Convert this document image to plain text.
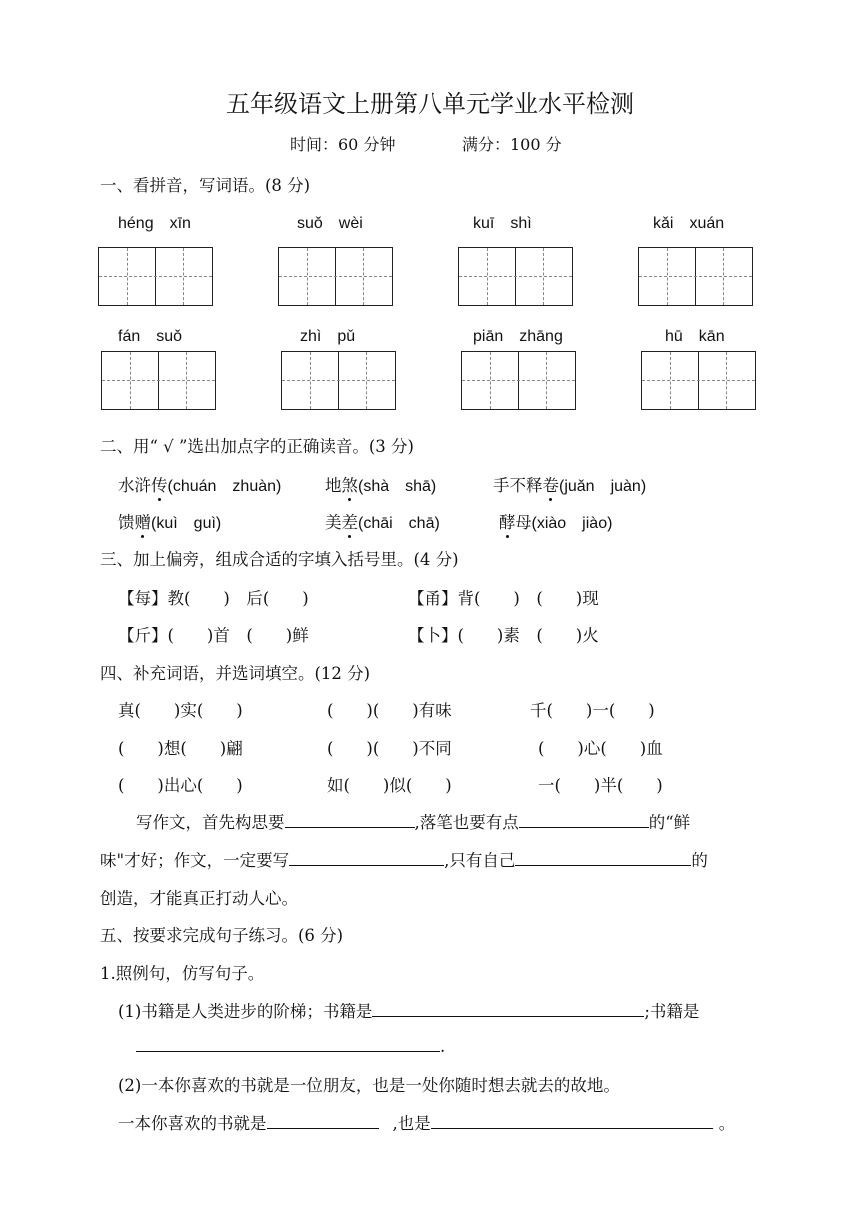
五年级语文上册第八单元学业水平检测
时间：60 分钟	满分：100 分
一、看拼音，写词语。(8 分)
héng　xīn	suǒ　wèi	kuī　shì	kǎi　xuán
fán　suǒ	zhì　pǔ	piān　zhāng	hū　kān
二、用“ √ ”选出加点字的正确读音。(3 分)
水浒传(chuán　zhuàn)	地煞(shà　shā)	手不释卷(juǎn　juàn)
馈赠(kuì　guì)	美差(chāi　chā)	酵母(xiào　jiào)
三、加上偏旁，组成合适的字填入括号里。(4 分)
【每】教(　　)　后(　　)	【甬】背(　　)　(　　)现
【斤】(　　)首　(　　)鲜	【卜】(　　)素　(　　)火
四、补充词语，并选词填空。(12 分)
真(　　)实(　　)	(　　)(　　)有味	千(　　)一(　　)
(　　)想(　　)翩	(　　)(　　)不同	(　　)心(　　)血
(　　)出心(　　)	如(　　)似(　　)	一(　　)半(　　)
写作文，首先构思要	,落笔也要有点	的“鲜
味"才好；作文，一定要写	,只有自己	的
创造，才能真正打动人心。
五、按要求完成句子练习。(6 分)
1.照例句，仿写句子。
(1)书籍是人类进步的阶梯；书籍是	;书籍是
.
(2)一本你喜欢的书就是一位朋友，也是一处你随时想去就去的故地。
一本你喜欢的书就是	,也是	。
